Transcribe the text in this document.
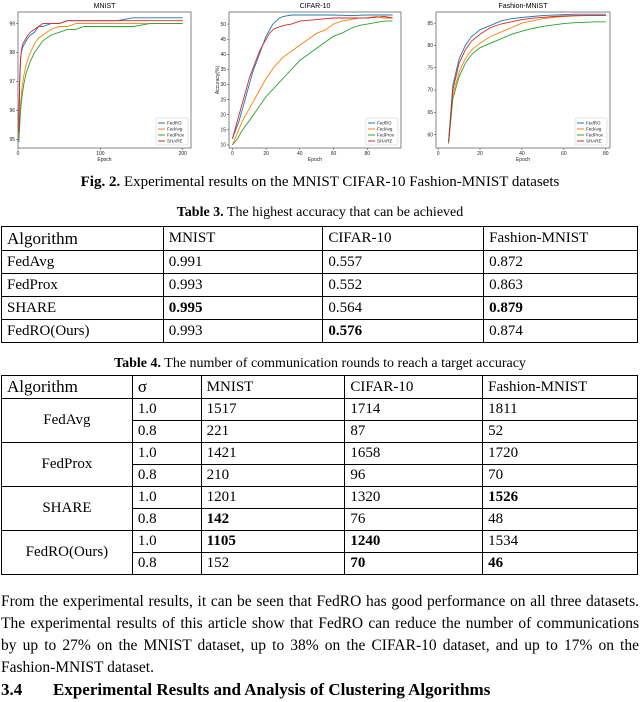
MNIST
0	100	200
95
96
97
98
99
Epoch
FedRO
FedAvg
FedProx
SHARE
CIFAR-10
0	20	40	60	80
10
15
20
25
30
35
40
45
50
Epoch
Accuracy(%)
FedRO
FedAvg
FedProx
SHARE
Fashion-MNIST
0	20	40	60	80
60
65
70
75
80
85
Epoch
FedRO
FedAvg
FedProx
SHARE
Fig. 2. Experimental results on the MNIST CIFAR-10 Fashion-MNIST datasets
Table 3. The highest accuracy that can be achieved
Algorithm	MNIST	CIFAR-10	Fashion-MNIST
FedAvg	0.991	0.557	0.872
FedProx	0.993	0.552	0.863
SHARE	0.995	0.564	0.879
FedRO(Ours)	0.993	0.576	0.874
Table 4. The number of communication rounds to reach a target accuracy
Algorithm	σ	MNIST	CIFAR-10	Fashion-MNIST
FedAvg	1.0	1517	1714	1811
	0.8	221	87	52
FedProx	1.0	1421	1658	1720
	0.8	210	96	70
SHARE	1.0	1201	1320	1526
	0.8	142	76	48
FedRO(Ours)	1.0	1105	1240	1534
	0.8	152	70	46
From the experimental results, it can be seen that FedRO has good performance on all three datasets. The experimental results of this article show that FedRO can reduce the number of communications by up to 27% on the MNIST dataset, up to 38% on the CIFAR-10 dataset, and up to 17% on the Fashion-MNIST dataset.
3.4 Experimental Results and Analysis of Clustering Algorithms
